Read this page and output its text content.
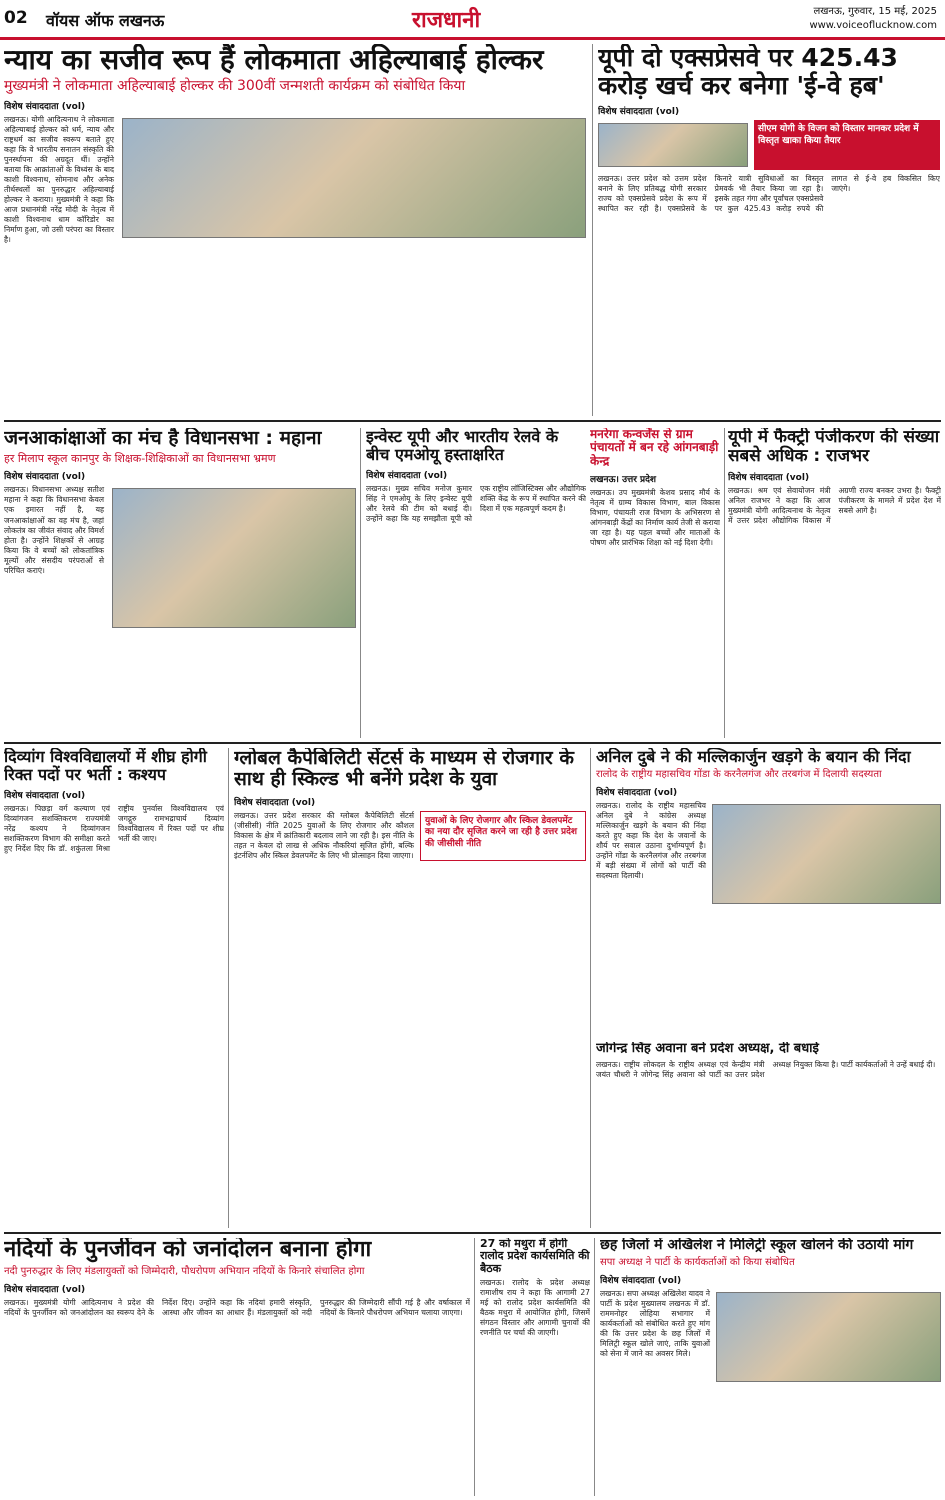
02 वॉयस ऑफ लखनऊ	राजधानी	लखनऊ, गुरुवार, 15 मई, 2025
www.voiceoflucknow.com
न्याय का सजीव रूप हैं लोकमाता अहिल्याबाई होल्कर
मुख्यमंत्री ने लोकमाता अहिल्याबाई होल्कर की 300वीं जन्मशती कार्यक्रम को संबोधित किया
विशेष संवाददाता (vol)
लखनऊ। योगी आदित्यनाथ ने लोकमाता अहिल्याबाई होल्कर को धर्म, न्याय और राष्ट्रधर्म का सजीव स्वरूप बताते हुए कहा कि वे भारतीय सनातन संस्कृति की पुनर्स्थापना की अग्रदूत थीं। उन्होंने बताया कि आक्रांताओं के विध्वंस के बाद काशी विश्वनाथ, सोमनाथ और अनेक तीर्थस्थलों का पुनरुद्धार अहिल्याबाई होल्कर ने कराया। मुख्यमंत्री ने कहा कि आज प्रधानमंत्री नरेंद्र मोदी के नेतृत्व में काशी विश्वनाथ धाम कॉरिडोर का निर्माण हुआ, जो उसी परंपरा का विस्तार है।
यूपी दो एक्सप्रेसवे पर 425.43 करोड़ खर्च कर बनेगा 'ई-वे हब'
विशेष संवाददाता (vol)
सीएम योगी के विजन को विस्तार मानकर प्रदेश में विस्तृत खाका किया तैयार
लखनऊ। उत्तर प्रदेश को उत्तम प्रदेश बनाने के लिए प्रतिबद्ध योगी सरकार राज्य को एक्सप्रेसवे प्रदेश के रूप में स्थापित कर रही है। एक्सप्रेसवे के किनारे यात्री सुविधाओं का विस्तृत प्रेमवर्क भी तैयार किया जा रहा है। इसके तहत गंगा और पूर्वांचल एक्सप्रेसवे पर कुल 425.43 करोड़ रुपये की लागत से ई-वे हब विकसित किए जाएंगे।
जनआकांक्षाओं का मंच है विधानसभा : महाना
हर मिलाप स्कूल कानपुर के शिक्षक-शिक्षिकाओं का विधानसभा भ्रमण
विशेष संवाददाता (vol)
लखनऊ। विधानसभा अध्यक्ष सतीश महाना ने कहा कि विधानसभा केवल एक इमारत नहीं है, यह जनआकांक्षाओं का वह मंच है, जहां लोकतंत्र का जीवंत संवाद और विमर्श होता है। उन्होंने शिक्षकों से आग्रह किया कि वे बच्चों को लोकतांत्रिक मूल्यों और संसदीय परंपराओं से परिचित कराएं।
इन्वेस्ट यूपी और भारतीय रेलवे के बीच एमओयू हस्ताक्षरित
विशेष संवाददाता (vol)
लखनऊ। मुख्य सचिव मनोज कुमार सिंह ने एमओयू के लिए इन्वेस्ट यूपी और रेलवे की टीम को बधाई दी। उन्होंने कहा कि यह समझौता यूपी को एक राष्ट्रीय लॉजिस्टिक्स और औद्योगिक शक्ति केंद्र के रूप में स्थापित करने की दिशा में एक महत्वपूर्ण कदम है।
मनरेगा कन्वर्जेंस से ग्राम पंचायतों में बन रहे आंगनबाड़ी केन्द्र
लखनऊ। उत्तर प्रदेश
लखनऊ। उप मुख्यमंत्री केशव प्रसाद मौर्य के नेतृत्व में ग्राम्य विकास विभाग, बाल विकास विभाग, पंचायती राज विभाग के अभिसरण से आंगनबाड़ी केंद्रों का निर्माण कार्य तेजी से कराया जा रहा है। यह पहल बच्चों और माताओं के पोषण और प्रारंभिक शिक्षा को नई दिशा देगी।
यूपी में फैक्ट्री पंजीकरण की संख्या सबसे अधिक : राजभर
विशेष संवाददाता (vol)
लखनऊ। श्रम एवं सेवायोजन मंत्री अनिल राजभर ने कहा कि आज मुख्यमंत्री योगी आदित्यनाथ के नेतृत्व में उत्तर प्रदेश औद्योगिक विकास में अग्रणी राज्य बनकर उभरा है। फैक्ट्री पंजीकरण के मामले में प्रदेश देश में सबसे आगे है।
दिव्यांग विश्वविद्यालयों में शीघ्र होगी रिक्त पदों पर भर्ती : कश्यप
विशेष संवाददाता (vol)
लखनऊ। पिछड़ा वर्ग कल्याण एवं दिव्यांगजन सशक्तिकरण राज्यमंत्री नरेंद्र कश्यप ने दिव्यांगजन सशक्तिकरण विभाग की समीक्षा करते हुए निर्देश दिए कि डॉ. शकुंतला मिश्रा राष्ट्रीय पुनर्वास विश्वविद्यालय एवं जगद्गुरु रामभद्राचार्य दिव्यांग विश्वविद्यालय में रिक्त पदों पर शीघ्र भर्ती की जाए।
ग्लोबल कैपेबिलिटी सेंटर्स के माध्यम से रोजगार के साथ ही स्किल्ड भी बनेंगे प्रदेश के युवा
विशेष संवाददाता (vol)
लखनऊ। उत्तर प्रदेश सरकार की ग्लोबल कैपेबिलिटी सेंटर्स (जीसीसी) नीति 2025 युवाओं के लिए रोजगार और कौशल विकास के क्षेत्र में क्रांतिकारी बदलाव लाने जा रही है। इस नीति के तहत न केवल दो लाख से अधिक नौकरियां सृजित होंगी, बल्कि इंटर्नशिप और स्किल डेवलपमेंट के लिए भी प्रोत्साहन दिया जाएगा।
युवाओं के लिए रोजगार और स्किल डेवलपमेंट का नया दौर सृजित करने जा रही है उत्तर प्रदेश की जीसीसी नीति
अनिल दुबे ने की मल्लिकार्जुन खड़गे के बयान की निंदा
रालोद के राष्ट्रीय महासचिव गोंडा के करनैलगंज और तरबगंज में दिलायी सदस्यता
विशेष संवाददाता (vol)
लखनऊ। रालोद के राष्ट्रीय महासचिव अनिल दुबे ने कांग्रेस अध्यक्ष मल्लिकार्जुन खड़गे के बयान की निंदा करते हुए कहा कि देश के जवानों के शौर्य पर सवाल उठाना दुर्भाग्यपूर्ण है। उन्होंने गोंडा के करनैलगंज और तरबगंज में बड़ी संख्या में लोगों को पार्टी की सदस्यता दिलायी।
जोगेन्द्र सिंह अवाना बने प्रदेश अध्यक्ष, दी बधाई
लखनऊ। राष्ट्रीय लोकदल के राष्ट्रीय अध्यक्ष एवं केन्द्रीय मंत्री जयंत चौधरी ने जोगेन्द्र सिंह अवाना को पार्टी का उत्तर प्रदेश अध्यक्ष नियुक्त किया है। पार्टी कार्यकर्ताओं ने उन्हें बधाई दी।
नदियों के पुनर्जीवन को जनांदोलन बनाना होगा
नदी पुनरुद्धार के लिए मंडलायुक्तों को जिम्मेदारी, पौधरोपण अभियान नदियों के किनारे संचालित होगा
विशेष संवाददाता (vol)
लखनऊ। मुख्यमंत्री योगी आदित्यनाथ ने प्रदेश की नदियों के पुनर्जीवन को जनआंदोलन का स्वरूप देने के निर्देश दिए। उन्होंने कहा कि नदियां हमारी संस्कृति, आस्था और जीवन का आधार हैं। मंडलायुक्तों को नदी पुनरुद्धार की जिम्मेदारी सौंपी गई है और वर्षाकाल में नदियों के किनारे पौधरोपण अभियान चलाया जाएगा।
27 को मथुरा में होगी रालोद प्रदेश कार्यसमिति की बैठक
लखनऊ। रालोद के प्रदेश अध्यक्ष रामाशीष राय ने कहा कि आगामी 27 मई को रालोद प्रदेश कार्यसमिति की बैठक मथुरा में आयोजित होगी, जिसमें संगठन विस्तार और आगामी चुनावों की रणनीति पर चर्चा की जाएगी।
छह जिलों में अखिलेश ने मिलिट्री स्कूल खोलने की उठायी मांग
सपा अध्यक्ष ने पार्टी के कार्यकर्ताओं को किया संबोधित
विशेष संवाददाता (vol)
लखनऊ। सपा अध्यक्ष अखिलेश यादव ने पार्टी के प्रदेश मुख्यालय लखनऊ में डॉ. राममनोहर लोहिया सभागार में कार्यकर्ताओं को संबोधित करते हुए मांग की कि उत्तर प्रदेश के छह जिलों में मिलिट्री स्कूल खोले जाएं, ताकि युवाओं को सेना में जाने का अवसर मिले।
